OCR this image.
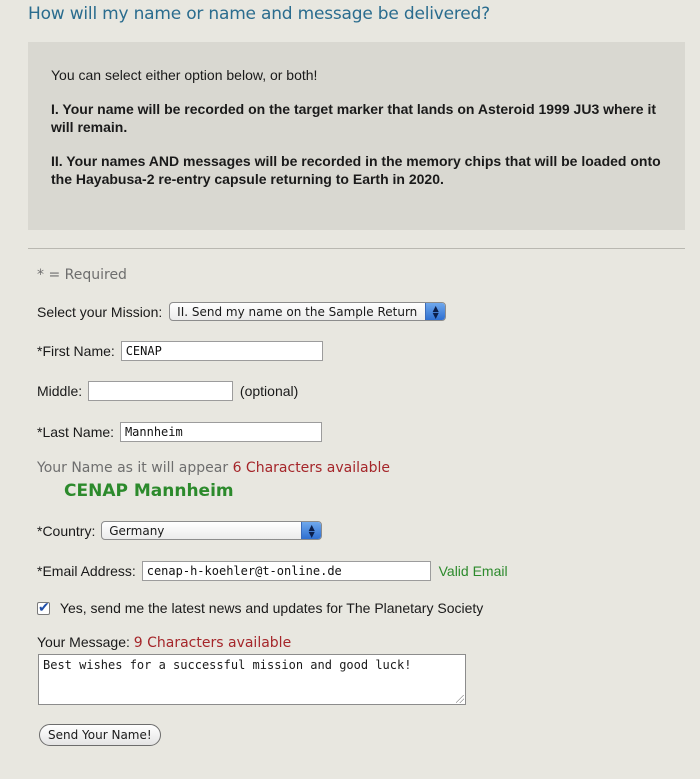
How will my name or name and message be delivered?

You can select either option below, or both!

I. Your name will be recorded on the target marker that lands on Asteroid 1999 JU3 where it will remain.

II. Your names AND messages will be recorded in the memory chips that will be loaded onto the Hayabusa-2 re-entry capsule returning to Earth in 2020.

* = Required
Select your Mission: II. Send my name on the Sample Return ▲
▼
*First Name: CENAP
Middle:	(optional)
*Last Name: Mannheim
Your Name as it will appear 6 Characters available
CENAP Mannheim
*Country: Germany	▲
▼
*Email Address: cenap-h-koehler@t-online.de	Valid Email
✔ Yes, send me the latest news and updates for The Planetary Society
Your Message: 9 Characters available
Best wishes for a successful mission and good luck!
Send Your Name!
